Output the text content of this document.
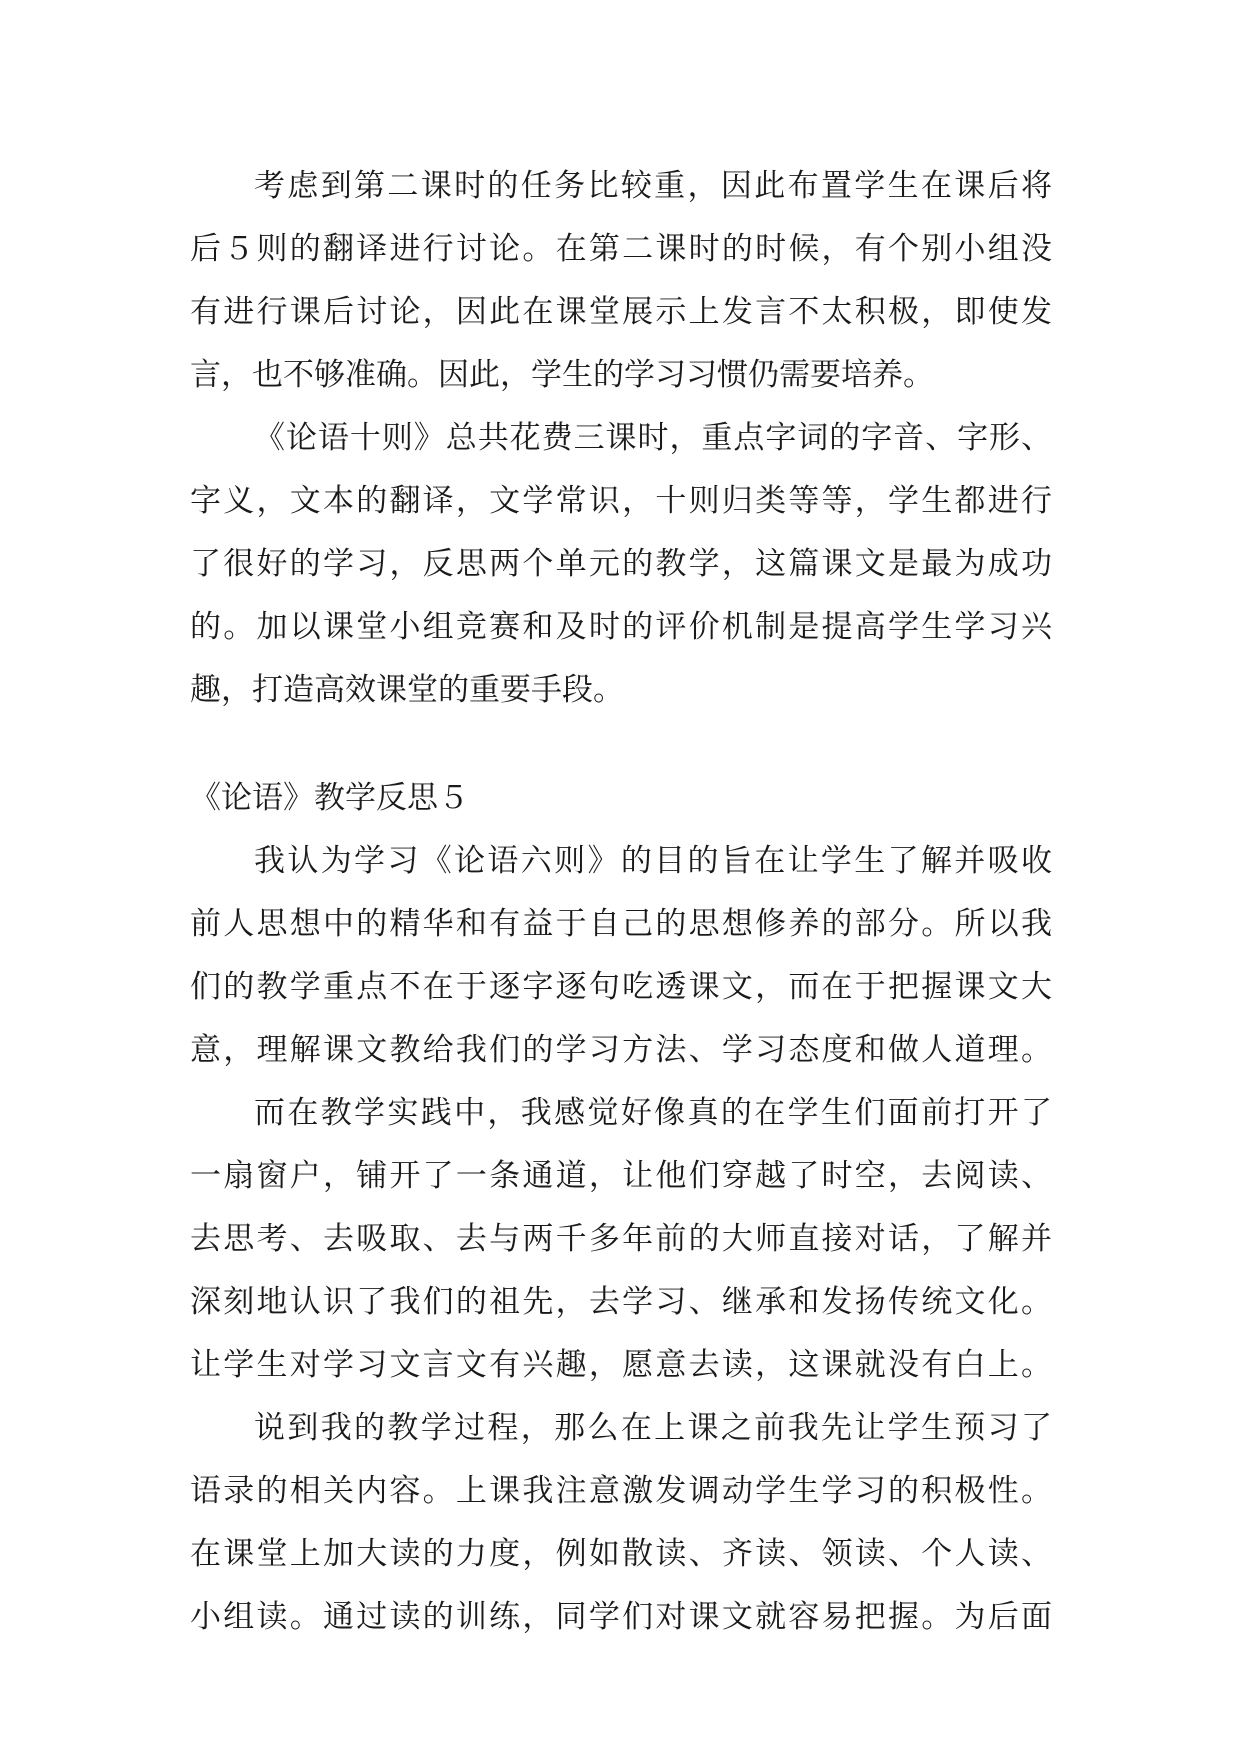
考虑到第二课时的任务比较重，因此布置学生在课后将
后５则的翻译进行讨论。在第二课时的时候，有个别小组没
有进行课后讨论，因此在课堂展示上发言不太积极，即使发
言，也不够准确。因此，学生的学习习惯仍需要培养。
《论语十则》总共花费三课时，重点字词的字音、字形、
字义，文本的翻译，文学常识，十则归类等等，学生都进行
了很好的学习，反思两个单元的教学，这篇课文是最为成功
的。加以课堂小组竞赛和及时的评价机制是提高学生学习兴
趣，打造高效课堂的重要手段。
《论语》教学反思５
我认为学习《论语六则》的目的旨在让学生了解并吸收
前人思想中的精华和有益于自己的思想修养的部分。所以我
们的教学重点不在于逐字逐句吃透课文，而在于把握课文大
意，理解课文教给我们的学习方法、学习态度和做人道理。
而在教学实践中，我感觉好像真的在学生们面前打开了
一扇窗户，铺开了一条通道，让他们穿越了时空，去阅读、
去思考、去吸取、去与两千多年前的大师直接对话，了解并
深刻地认识了我们的祖先，去学习、继承和发扬传统文化。
让学生对学习文言文有兴趣，愿意去读，这课就没有白上。
说到我的教学过程，那么在上课之前我先让学生预习了
语录的相关内容。上课我注意激发调动学生学习的积极性。
在课堂上加大读的力度，例如散读、齐读、领读、个人读、
小组读。通过读的训练，同学们对课文就容易把握。为后面
